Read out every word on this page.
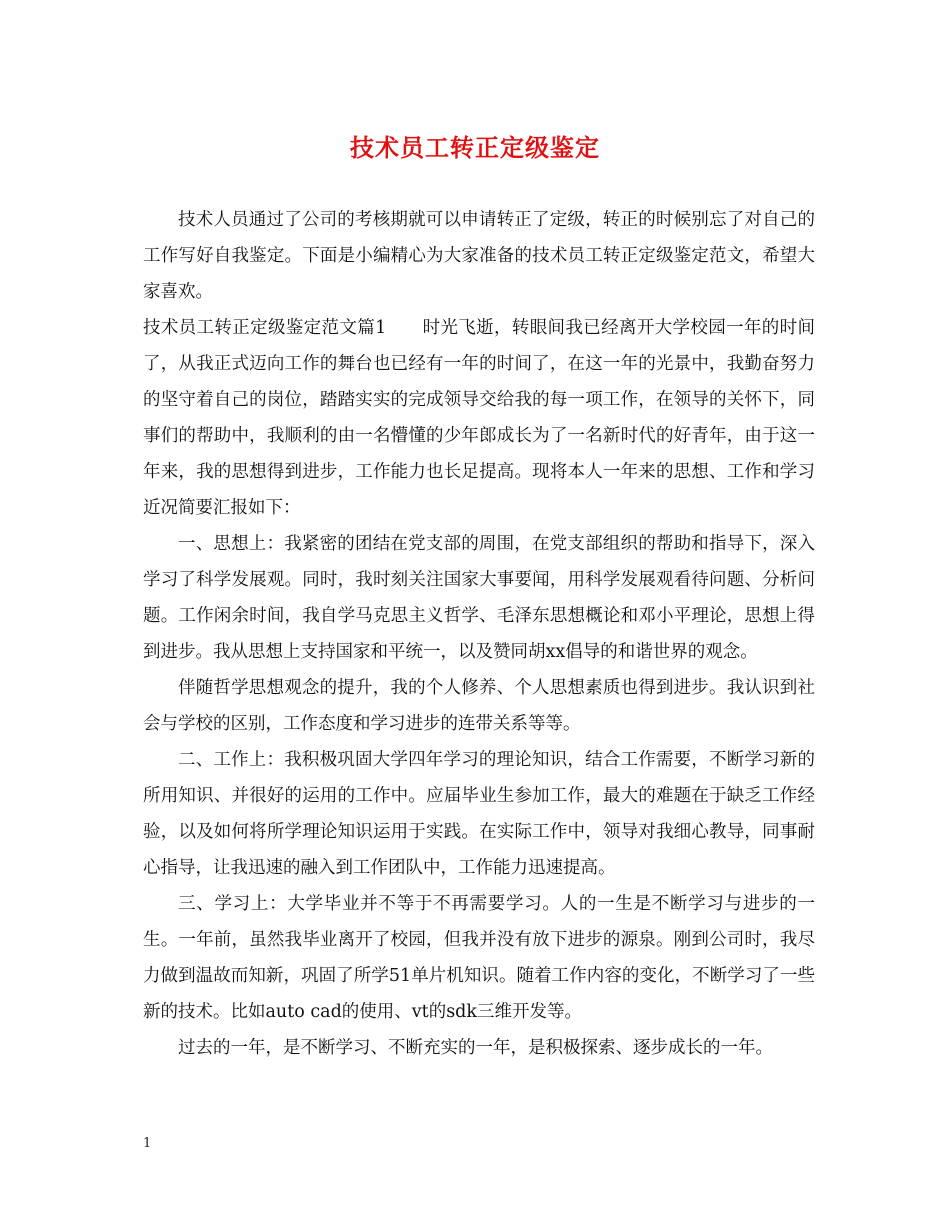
技术员工转正定级鉴定

技术人员通过了公司的考核期就可以申请转正了定级，转正的时候别忘了对自己的工作写好自我鉴定。下面是小编精心为大家准备的技术员工转正定级鉴定范文，希望大家喜欢。

技术员工转正定级鉴定范文篇1 时光飞逝，转眼间我已经离开大学校园一年的时间了，从我正式迈向工作的舞台也已经有一年的时间了，在这一年的光景中，我勤奋努力的坚守着自己的岗位，踏踏实实的完成领导交给我的每一项工作，在领导的关怀下，同事们的帮助中，我顺利的由一名懵懂的少年郎成长为了一名新时代的好青年，由于这一年来，我的思想得到进步，工作能力也长足提高。现将本人一年来的思想、工作和学习近况简要汇报如下：

一、思想上：我紧密的团结在党支部的周围，在党支部组织的帮助和指导下，深入学习了科学发展观。同时，我时刻关注国家大事要闻，用科学发展观看待问题、分析问题。工作闲余时间，我自学马克思主义哲学、毛泽东思想概论和邓小平理论，思想上得到进步。我从思想上支持国家和平统一，以及赞同胡xx倡导的和谐世界的观念。

伴随哲学思想观念的提升，我的个人修养、个人思想素质也得到进步。我认识到社会与学校的区别，工作态度和学习进步的连带关系等等。

二、工作上：我积极巩固大学四年学习的理论知识，结合工作需要，不断学习新的所用知识、并很好的运用的工作中。应届毕业生参加工作，最大的难题在于缺乏工作经验，以及如何将所学理论知识运用于实践。在实际工作中，领导对我细心教导，同事耐心指导，让我迅速的融入到工作团队中，工作能力迅速提高。

三、学习上：大学毕业并不等于不再需要学习。人的一生是不断学习与进步的一生。一年前，虽然我毕业离开了校园，但我并没有放下进步的源泉。刚到公司时，我尽力做到温故而知新，巩固了所学51单片机知识。随着工作内容的变化，不断学习了一些新的技术。比如auto cad的使用、vt的sdk三维开发等。

过去的一年，是不断学习、不断充实的一年，是积极探索、逐步成长的一年。

1
